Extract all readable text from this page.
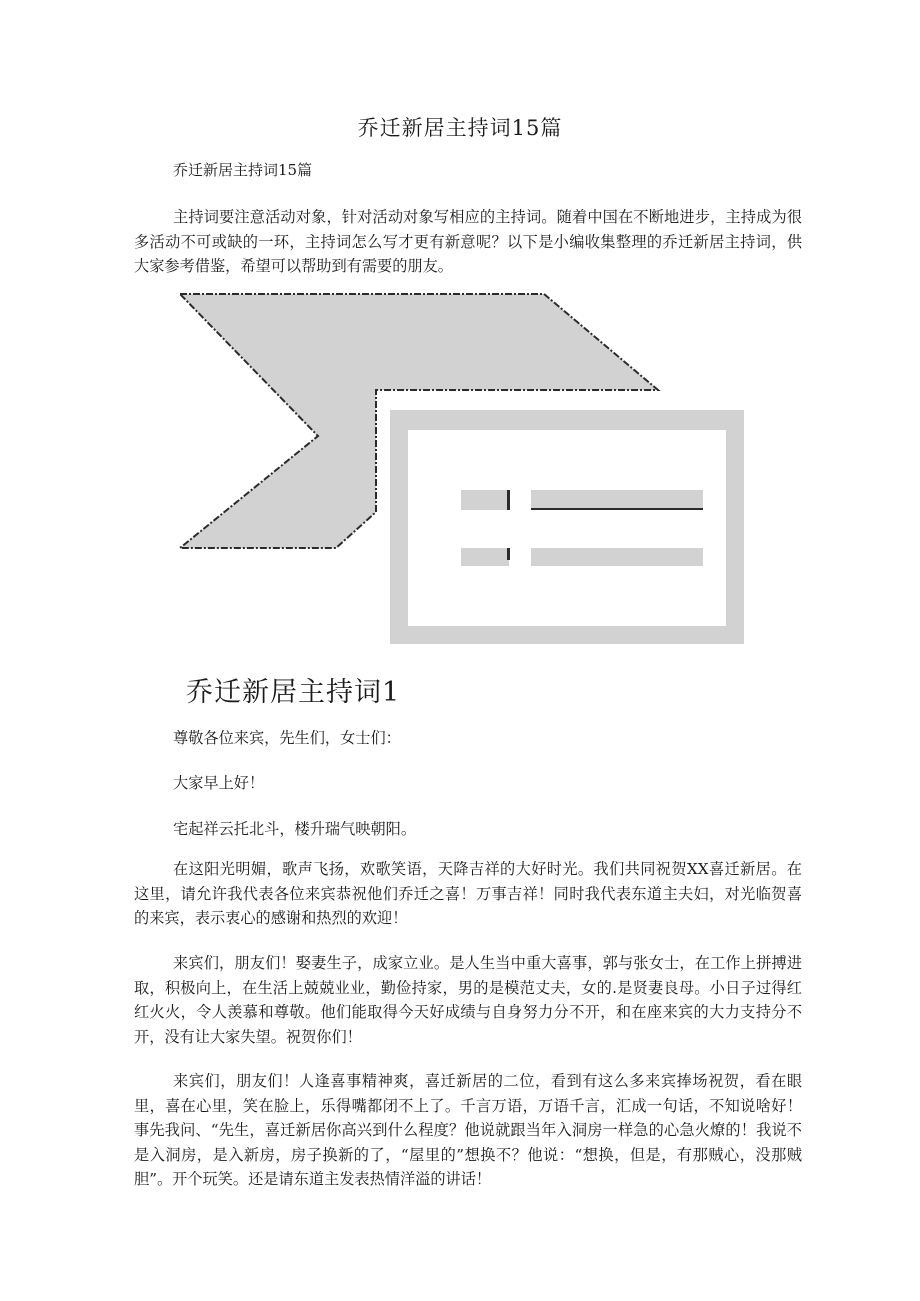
乔迁新居主持词15篇
乔迁新居主持词15篇

主持词要注意活动对象，针对活动对象写相应的主持词。随着中国在不断地进步，主持成为很多活动不可或缺的一环，主持词怎么写才更有新意呢？以下是小编收集整理的乔迁新居主持词，供大家参考借鉴，希望可以帮助到有需要的朋友。

乔迁新居主持词1

尊敬各位来宾，先生们，女士们：

大家早上好！

宅起祥云托北斗，楼升瑞气映朝阳。

在这阳光明媚，歌声飞扬，欢歌笑语，天降吉祥的大好时光。我们共同祝贺XX喜迁新居。在这里，请允许我代表各位来宾恭祝他们乔迁之喜！万事吉祥！同时我代表东道主夫妇，对光临贺喜的来宾，表示衷心的感谢和热烈的欢迎！

来宾们，朋友们！娶妻生子，成家立业。是人生当中重大喜事，郭与张女士，在工作上拼搏进取，积极向上，在生活上兢兢业业，勤俭持家，男的是模范丈夫，女的.是贤妻良母。小日子过得红红火火，令人羡慕和尊敬。他们能取得今天好成绩与自身努力分不开，和在座来宾的大力支持分不开，没有让大家失望。祝贺你们！

来宾们，朋友们！人逢喜事精神爽，喜迁新居的二位，看到有这么多来宾捧场祝贺，看在眼里，喜在心里，笑在脸上，乐得嘴都闭不上了。千言万语，万语千言，汇成一句话，不知说啥好！事先我问、“先生，喜迁新居你高兴到什么程度？他说就跟当年入洞房一样急的心急火燎的！我说不是入洞房，是入新房，房子换新的了，“屋里的”想换不？他说：“想换，但是，有那贼心，没那贼胆”。开个玩笑。还是请东道主发表热情洋溢的讲话！
